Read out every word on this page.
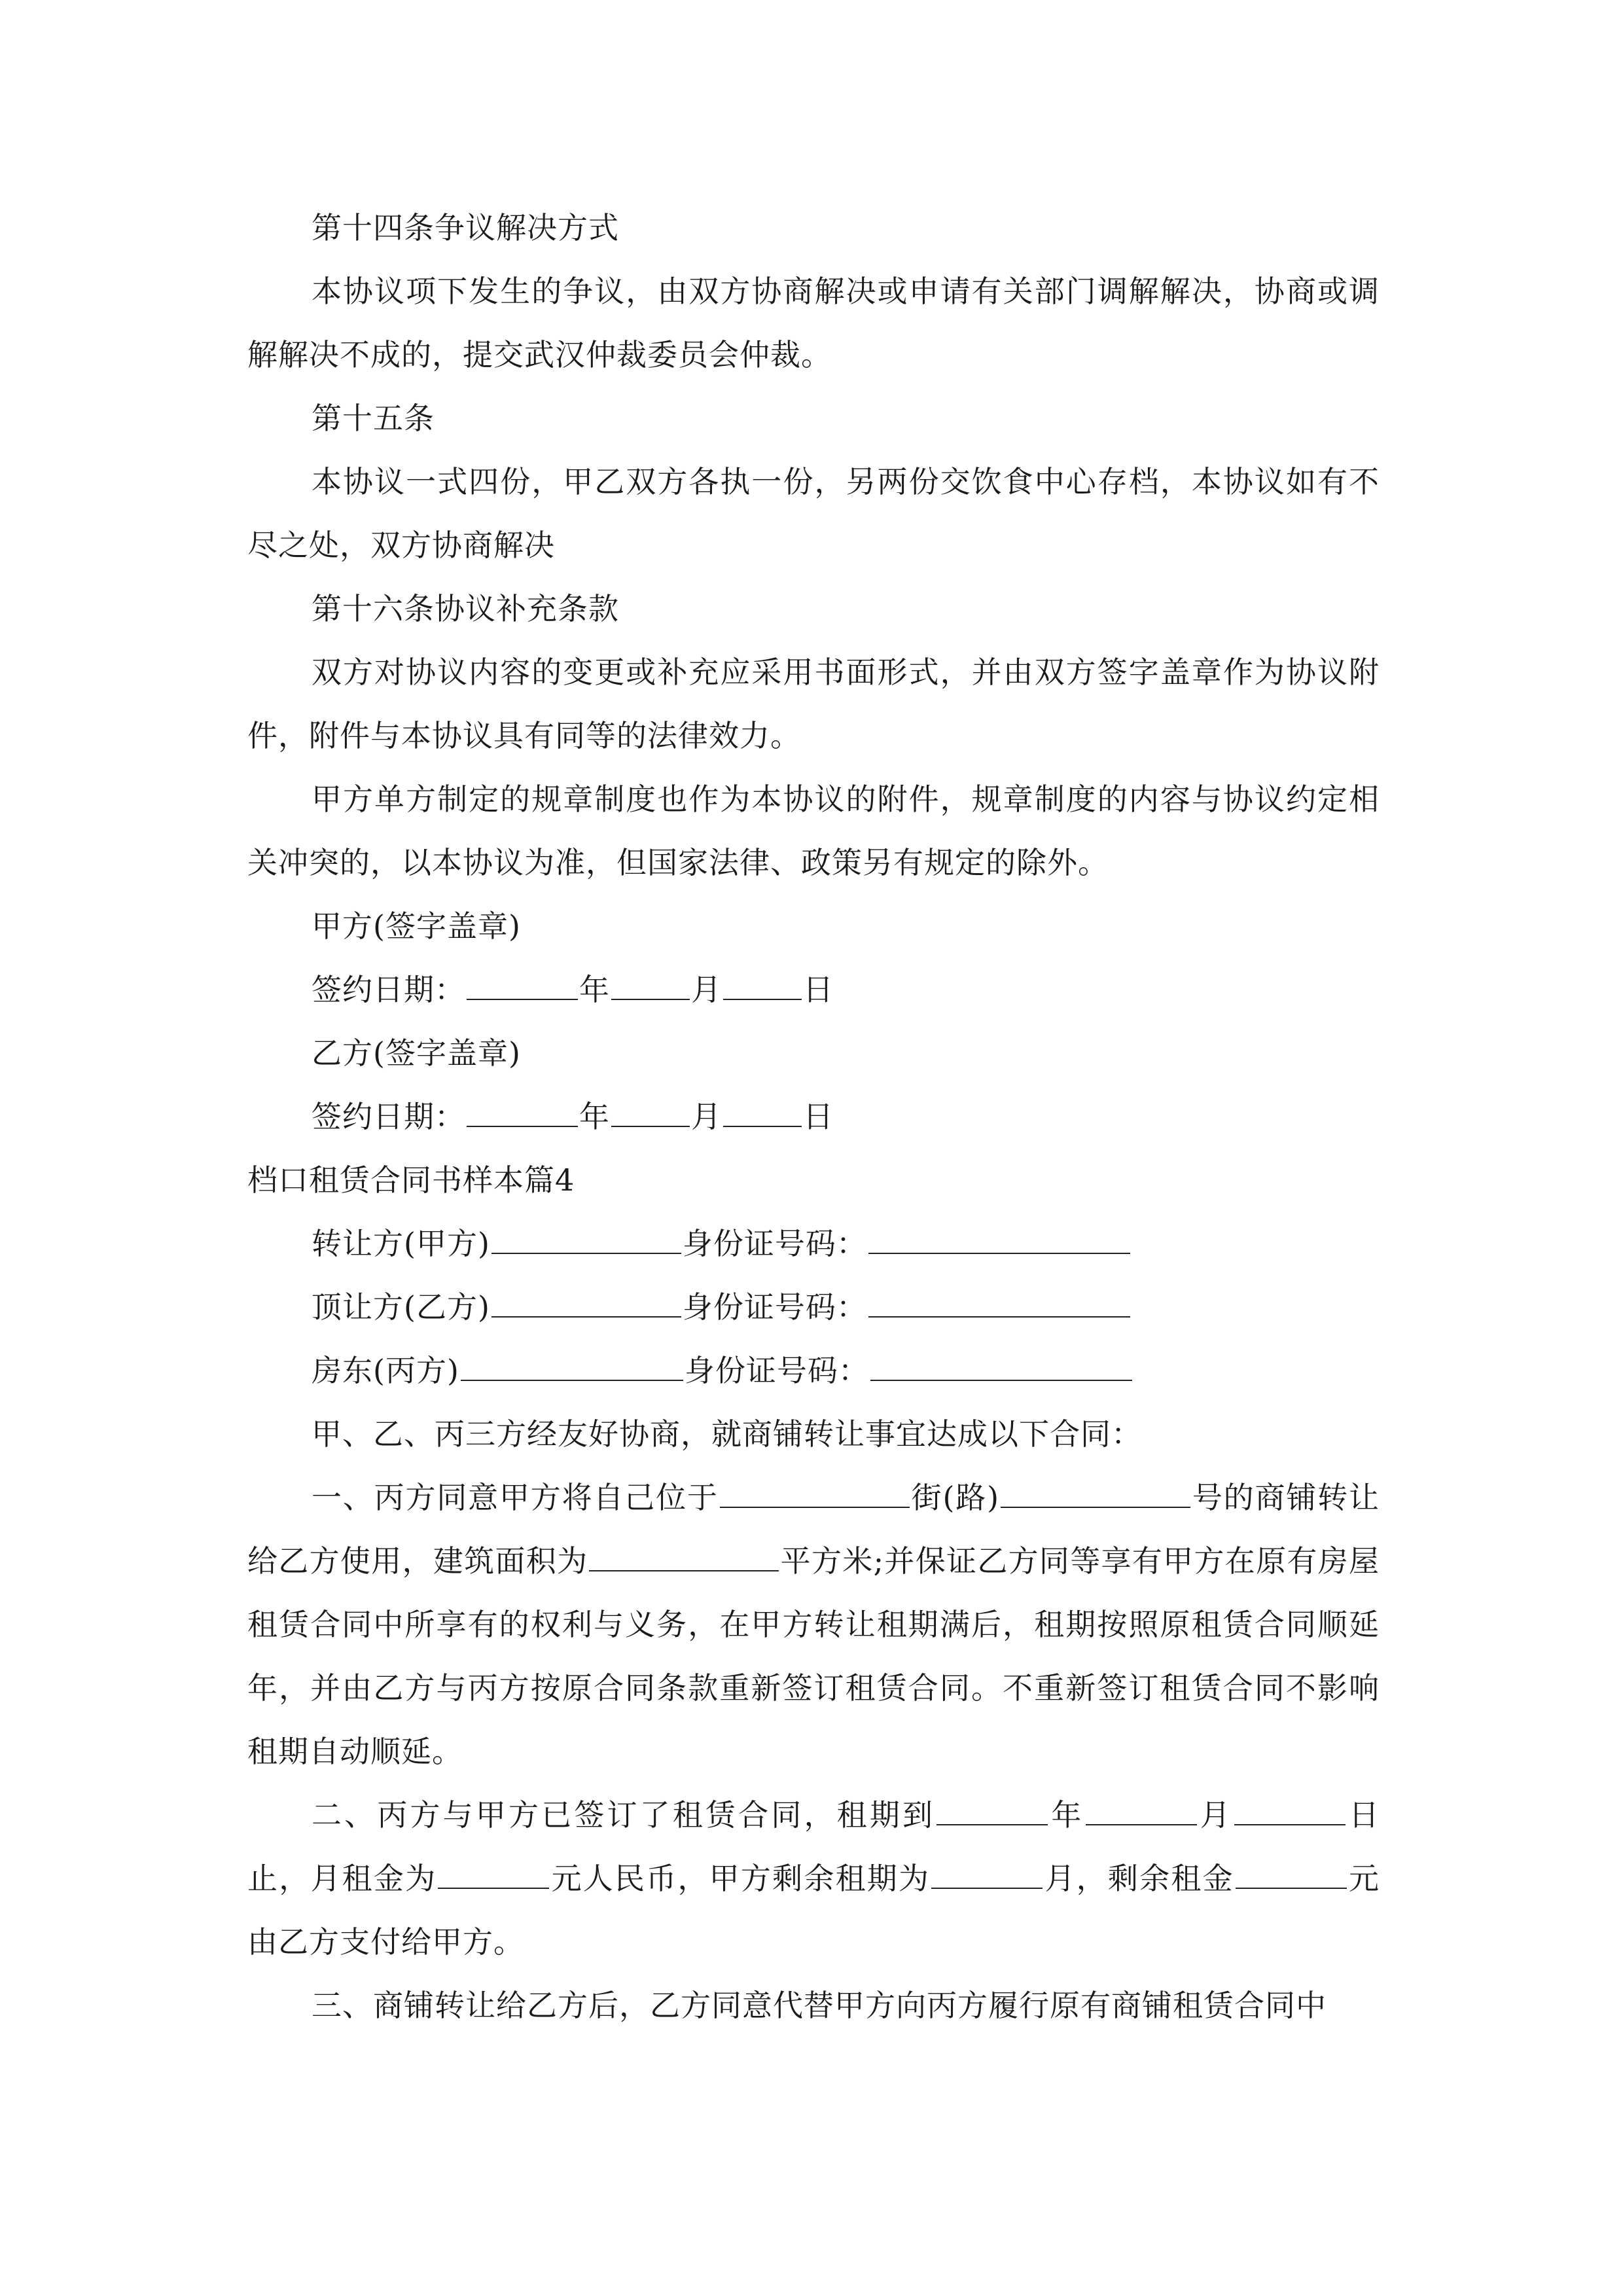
第十四条争议解决方式

本协议项下发生的争议，由双方协商解决或申请有关部门调解解决，协商或调解解决不成的，提交武汉仲裁委员会仲裁。

第十五条

本协议一式四份，甲乙双方各执一份，另两份交饮食中心存档，本协议如有不尽之处，双方协商解决

第十六条协议补充条款

双方对协议内容的变更或补充应采用书面形式，并由双方签字盖章作为协议附件，附件与本协议具有同等的法律效力。

甲方单方制定的规章制度也作为本协议的附件，规章制度的内容与协议约定相关冲突的，以本协议为准，但国家法律、政策另有规定的除外。

甲方(签字盖章)

签约日期：	年	月	日

乙方(签字盖章)

签约日期：	年	月	日

档口租赁合同书样本篇4

转让方(甲方)	身份证号码：

顶让方(乙方)	身份证号码：

房东(丙方)	身份证号码：

甲、乙、丙三方经友好协商，就商铺转让事宜达成以下合同：

一、丙方同意甲方将自己位于	街(路)	号的商铺转让给乙方使用，建筑面积为	平方米;并保证乙方同等享有甲方在原有房屋租赁合同中所享有的权利与义务，在甲方转让租期满后，租期按照原租赁合同顺延年，并由乙方与丙方按原合同条款重新签订租赁合同。不重新签订租赁合同不影响租期自动顺延。

二、丙方与甲方已签订了租赁合同，租期到	年	月	日止，月租金为	元人民币，甲方剩余租期为	月，剩余租金	元由乙方支付给甲方。

三、商铺转让给乙方后，乙方同意代替甲方向丙方履行原有商铺租赁合同中
